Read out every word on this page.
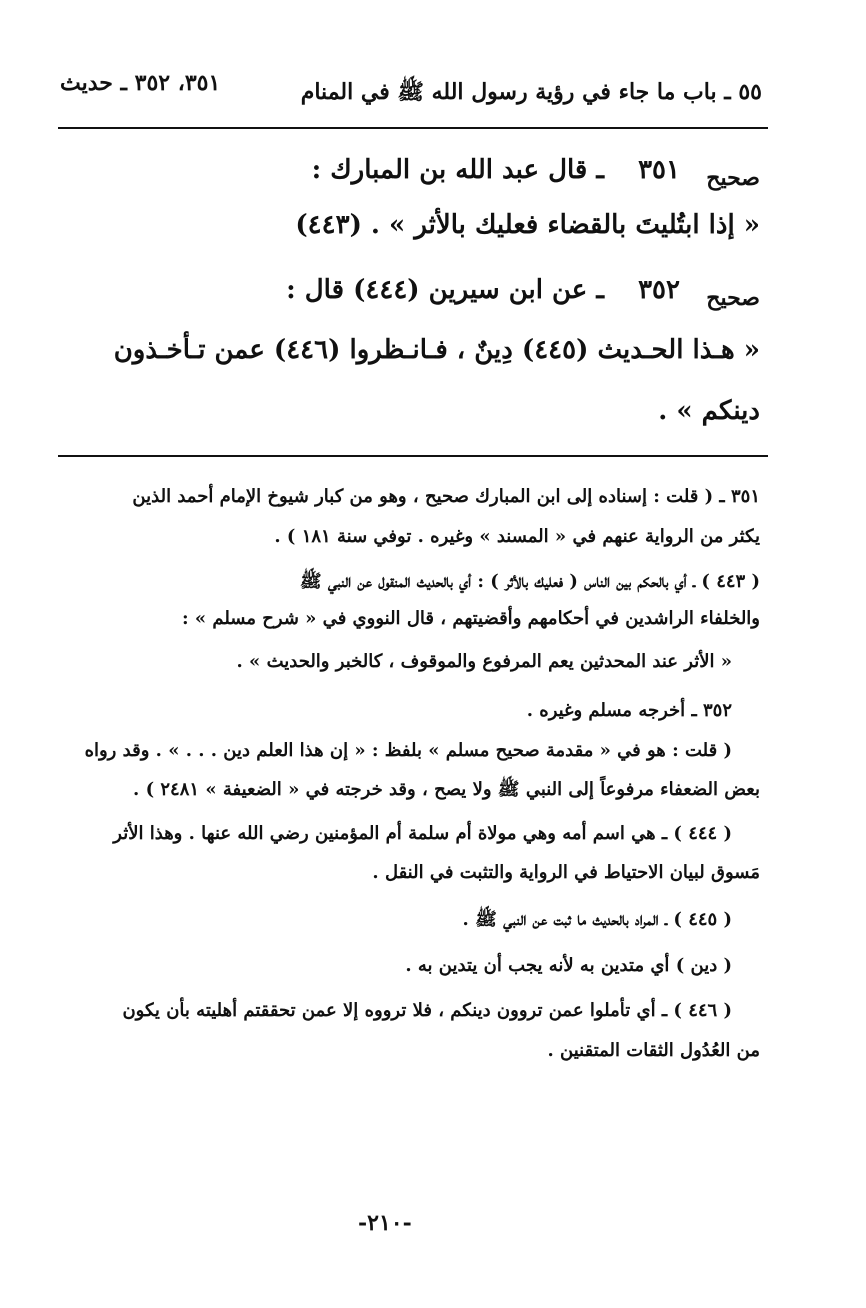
٥٥ ـ باب ما جاء في رؤية رسول الله ﷺ في المنام
٣٥١، ٣٥٢ ـ حديث
صحيح
٣٥١
ـ قال عبد الله بن المبارك :
« إذا ابتُليتَ بالقضاء فعليك بالأثر » . (٤٤٣)
صحيح
٣٥٢
ـ عن ابن سيرين (٤٤٤) قال :
« هـذا الحـديث (٤٤٥) دِينٌ ، فـانـظروا (٤٤٦) عمن تـأخـذون
دينكم » .
٣٥١ ـ ( قلت : إسناده إلى ابن المبارك صحيح ، وهو من كبار شيوخ الإمام أحمد الذين
يكثر من الرواية عنهم في « المسند » وغيره . توفي سنة ١٨١ ) .
( ٤٤٣ ) ـ أي بالحكم بين الناس ( فعليك بالأثر ) : أي بالحديث المنقول عن النبي ﷺ
والخلفاء الراشدين في أحكامهم وأقضيتهم ، قال النووي في « شرح مسلم » :
« الأثر عند المحدثين يعم المرفوع والموقوف ، كالخبر والحديث » .
٣٥٢ ـ أخرجه مسلم وغيره .
( قلت : هو في « مقدمة صحيح مسلم » بلفظ : « إن هذا العلم دين . . . » . وقد رواه
بعض الضعفاء مرفوعاً إلى النبي ﷺ ولا يصح ، وقد خرجته في « الضعيفة » ٢٤٨١ ) .
( ٤٤٤ ) ـ هي اسم أمه وهي مولاة أم سلمة أم المؤمنين رضي الله عنها . وهذا الأثر
مَسوق لبيان الاحتياط في الرواية والتثبت في النقل .
( ٤٤٥ ) ـ المراد بالحديث ما ثبت عن النبي ﷺ .
( دين ) أي متدين به لأنه يجب أن يتدين به .
( ٤٤٦ ) ـ أي تأملوا عمن تروون دينكم ، فلا ترووه إلا عمن تحققتم أهليته بأن يكون
من العُدُول الثقات المتقنين .
-٢١٠-
